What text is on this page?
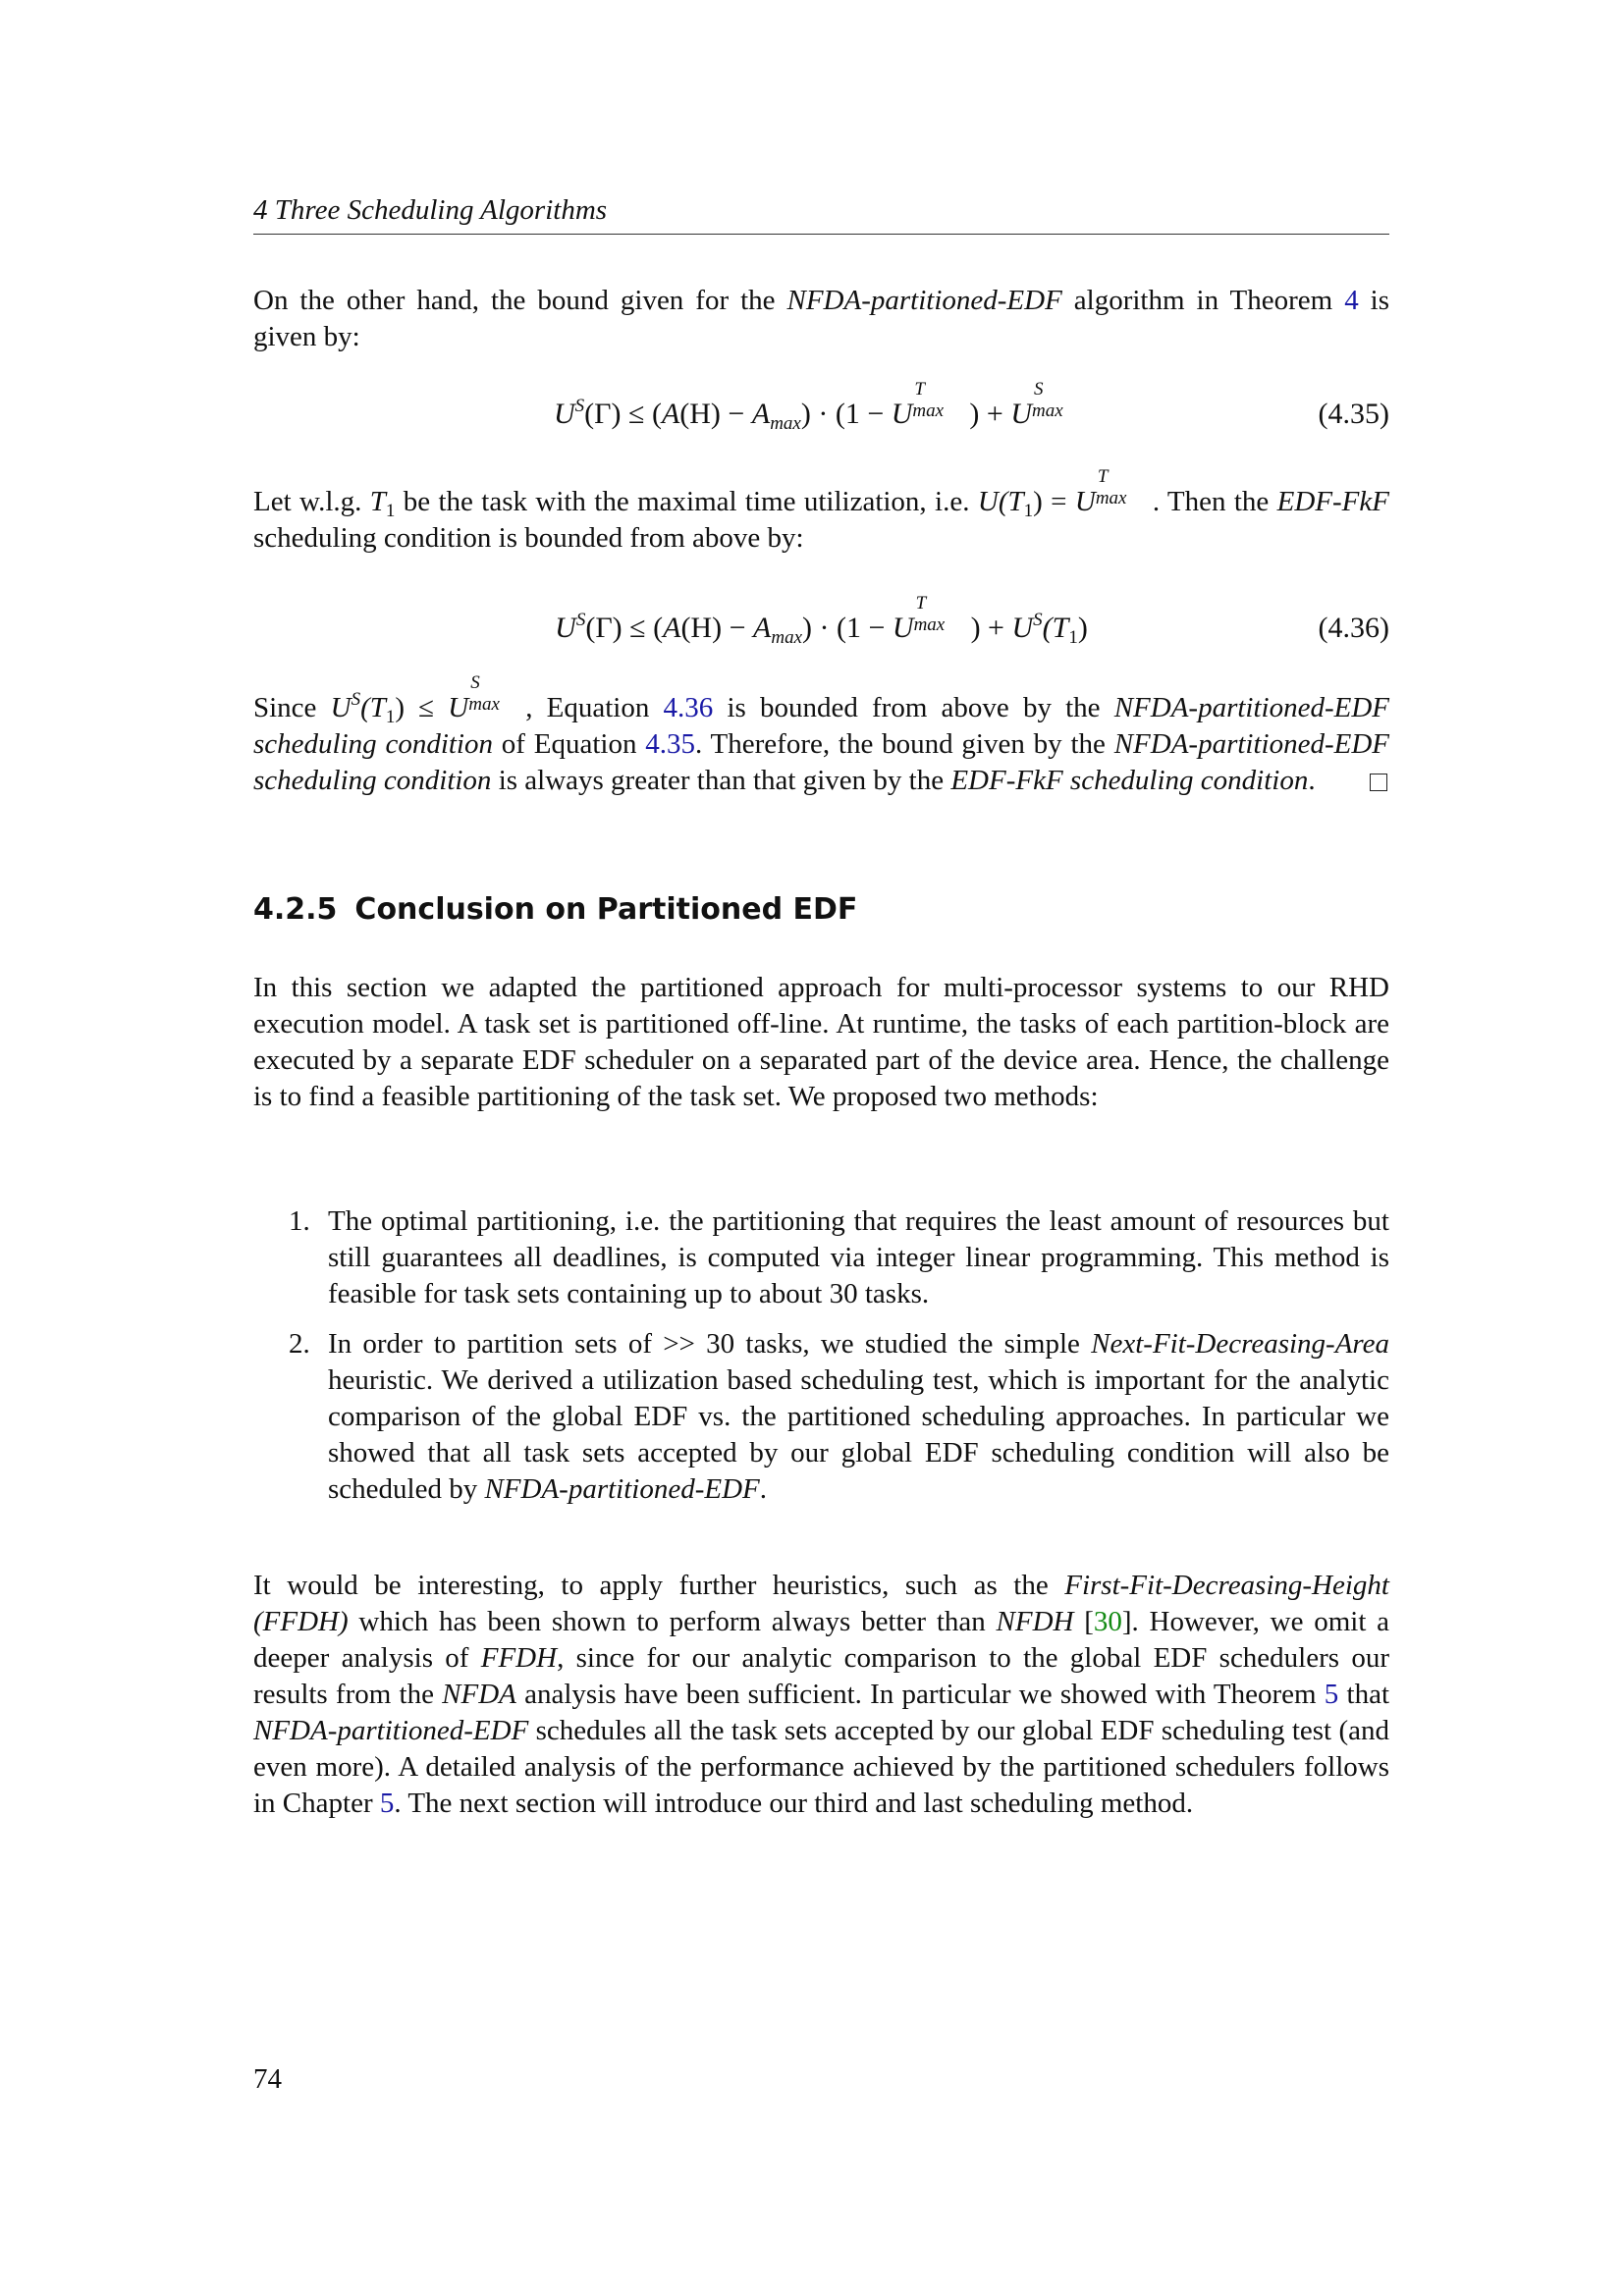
4 Three Scheduling Algorithms

On the other hand, the bound given for the NFDA-partitioned-EDF algorithm in Theorem 4 is given by:

$U^S(\Gamma) \le (A(H) - A_{max}) \cdot (1 - U$
T
max ) + U
S
max	(4.35)

Let w.l.g. $T_1$ be the task with the maximal time utilization, i.e. $U(T_1) = U$
T
max . Then the EDF-FkF scheduling condition is bounded from above by:

$U^S(\Gamma) \le (A(H) - A_{max}) \cdot (1 - U$
T
max ) + $U^S(T_1)$	(4.36)

Since $U^S(T_1) \le U$
S
max , Equation 4.36 is bounded from above by the NFDA-partitioned-EDF scheduling condition of Equation 4.35. Therefore, the bound given by the NFDA-partitioned-EDF scheduling condition is always greater than that given by the EDF-FkF scheduling condition.

4.2.5 Conclusion on Partitioned EDF

In this section we adapted the partitioned approach for multi-processor systems to our RHD execution model. A task set is partitioned off-line. At runtime, the tasks of each partition-block are executed by a separate EDF scheduler on a separated part of the device area. Hence, the challenge is to find a feasible partitioning of the task set. We proposed two methods:

1. The optimal partitioning, i.e. the partitioning that requires the least amount of resources but still guarantees all deadlines, is computed via integer linear programming. This method is feasible for task sets containing up to about 30 tasks.
2. In order to partition sets of >> 30 tasks, we studied the simple Next-Fit-Decreasing-Area heuristic. We derived a utilization based scheduling test, which is important for the analytic comparison of the global EDF vs. the partitioned scheduling approaches. In particular we showed that all task sets accepted by our global EDF scheduling condition will also be scheduled by NFDA-partitioned-EDF.

It would be interesting, to apply further heuristics, such as the First-Fit-Decreasing-Height (FFDH) which has been shown to perform always better than NFDH [30]. However, we omit a deeper analysis of FFDH, since for our analytic comparison to the global EDF schedulers our results from the NFDA analysis have been sufficient. In particular we showed with Theorem 5 that NFDA-partitioned-EDF schedules all the task sets accepted by our global EDF scheduling test (and even more). A detailed analysis of the performance achieved by the partitioned schedulers follows in Chapter 5. The next section will introduce our third and last scheduling method.

74
